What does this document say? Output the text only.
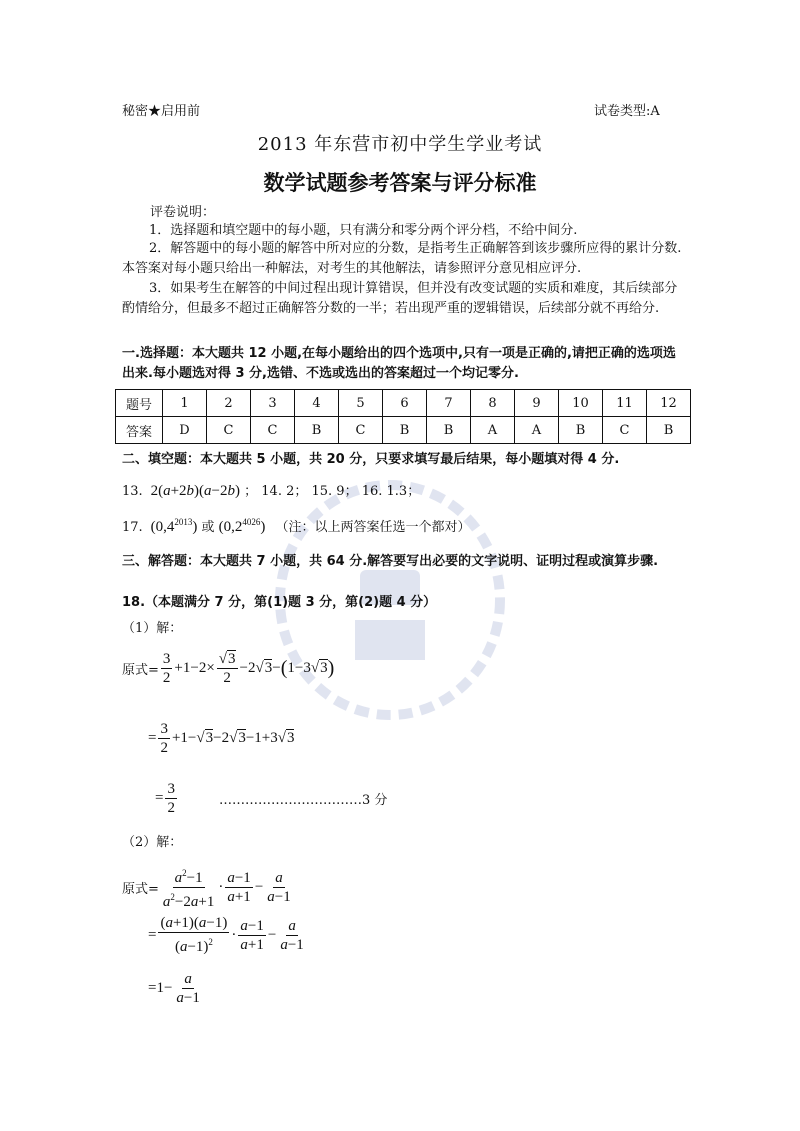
秘密★启用前	试卷类型:A
2013 年东营市初中学生学业考试
数学试题参考答案与评分标准
评卷说明：
1．选择题和填空题中的每小题，只有满分和零分两个评分档，不给中间分.
2．解答题中的每小题的解答中所对应的分数，是指考生正确解答到该步骤所应得的累计分数.本答案对每小题只给出一种解法，对考生的其他解法，请参照评分意见相应评分.
3．如果考生在解答的中间过程出现计算错误，但并没有改变试题的实质和难度，其后续部分酌情给分，但最多不超过正确解答分数的一半；若出现严重的逻辑错误，后续部分就不再给分.
一.选择题：本大题共 12 小题,在每小题给出的四个选项中,只有一项是正确的,请把正确的选项选出来.每小题选对得 3 分,选错、不选或选出的答案超过一个均记零分.
题号	1	2	3	4	5	6	7	8	9	10	11	12
答案	D	C	C	B	C	B	B	A	A	B	C	B
二、填空题：本大题共 5 小题，共 20 分，只要求填写最后结果，每小题填对得 4 分.
13.  2(a+2b)(a−2b) ； 14. 2； 15. 9； 16. 1.3；
17.  $(0,4^{2013})$ 或 $(0,2^{4026})$ （注：以上两答案任选一个都对）
三、解答题：本大题共 7 小题，共 64 分.解答要写出必要的文字说明、证明过程或演算步骤.
18.（本题满分 7 分，第(1)题 3 分，第(2)题 4 分）
（1）解：
原式= $\frac{3}{2} +1-2\times \frac{√3}{2} -2√3-$ ( 1−3√3 )
= $\frac{3}{2} +1-√3-2√3-1+3√3$
= $\frac{3}{2}$	……………………………3 分
（2）解：
原式= $\frac{a^2-1}{a^2-2a+1} \cdot \frac{a-1}{a+1} - \frac{a}{a-1}$
= $\frac{(a+1)(a-1)}{(a-1)^2} \cdot \frac{a-1}{a+1} - \frac{a}{a-1}$
$=1- \frac{a}{a-1}$
